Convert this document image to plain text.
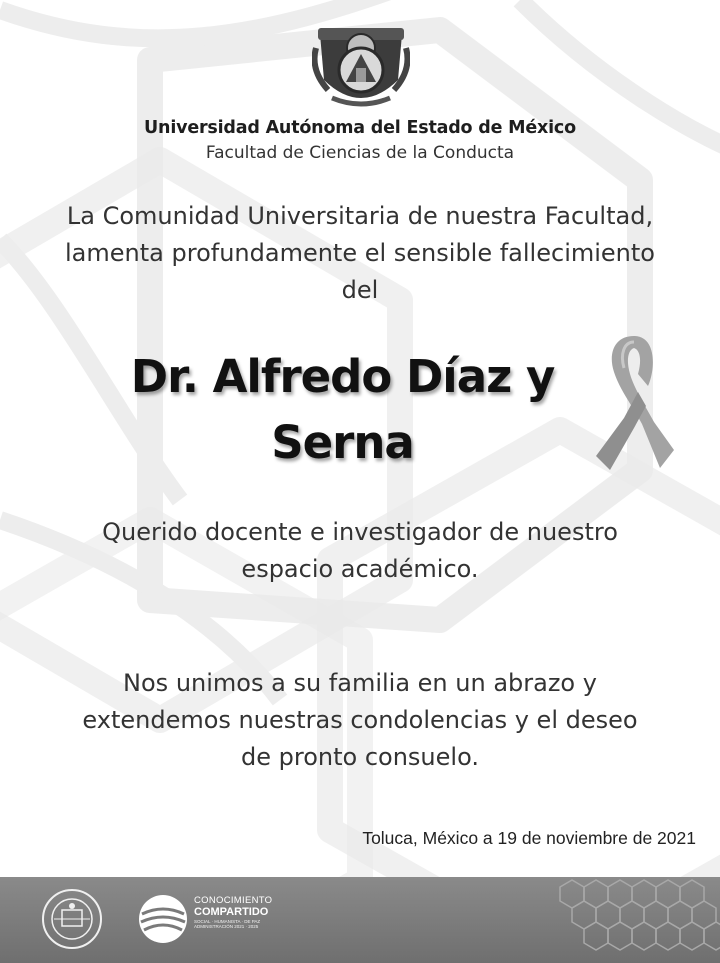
Universidad Autónoma del Estado de México
Facultad de Ciencias de la Conducta
La Comunidad Universitaria de nuestra Facultad,
lamenta profundamente el sensible fallecimiento
del
Dr. Alfredo Díaz y
Serna
Querido docente e investigador de nuestro
espacio académico.
Nos unimos a su familia en un abrazo y
extendemos nuestras condolencias y el deseo
de pronto consuelo.
Toluca, México a 19 de noviembre de 2021
CONOCIMIENTO
COMPARTIDO
SOCIAL · HUMANISTA · DE PAZ
ADMINISTRACIÓN 2021 · 2025
